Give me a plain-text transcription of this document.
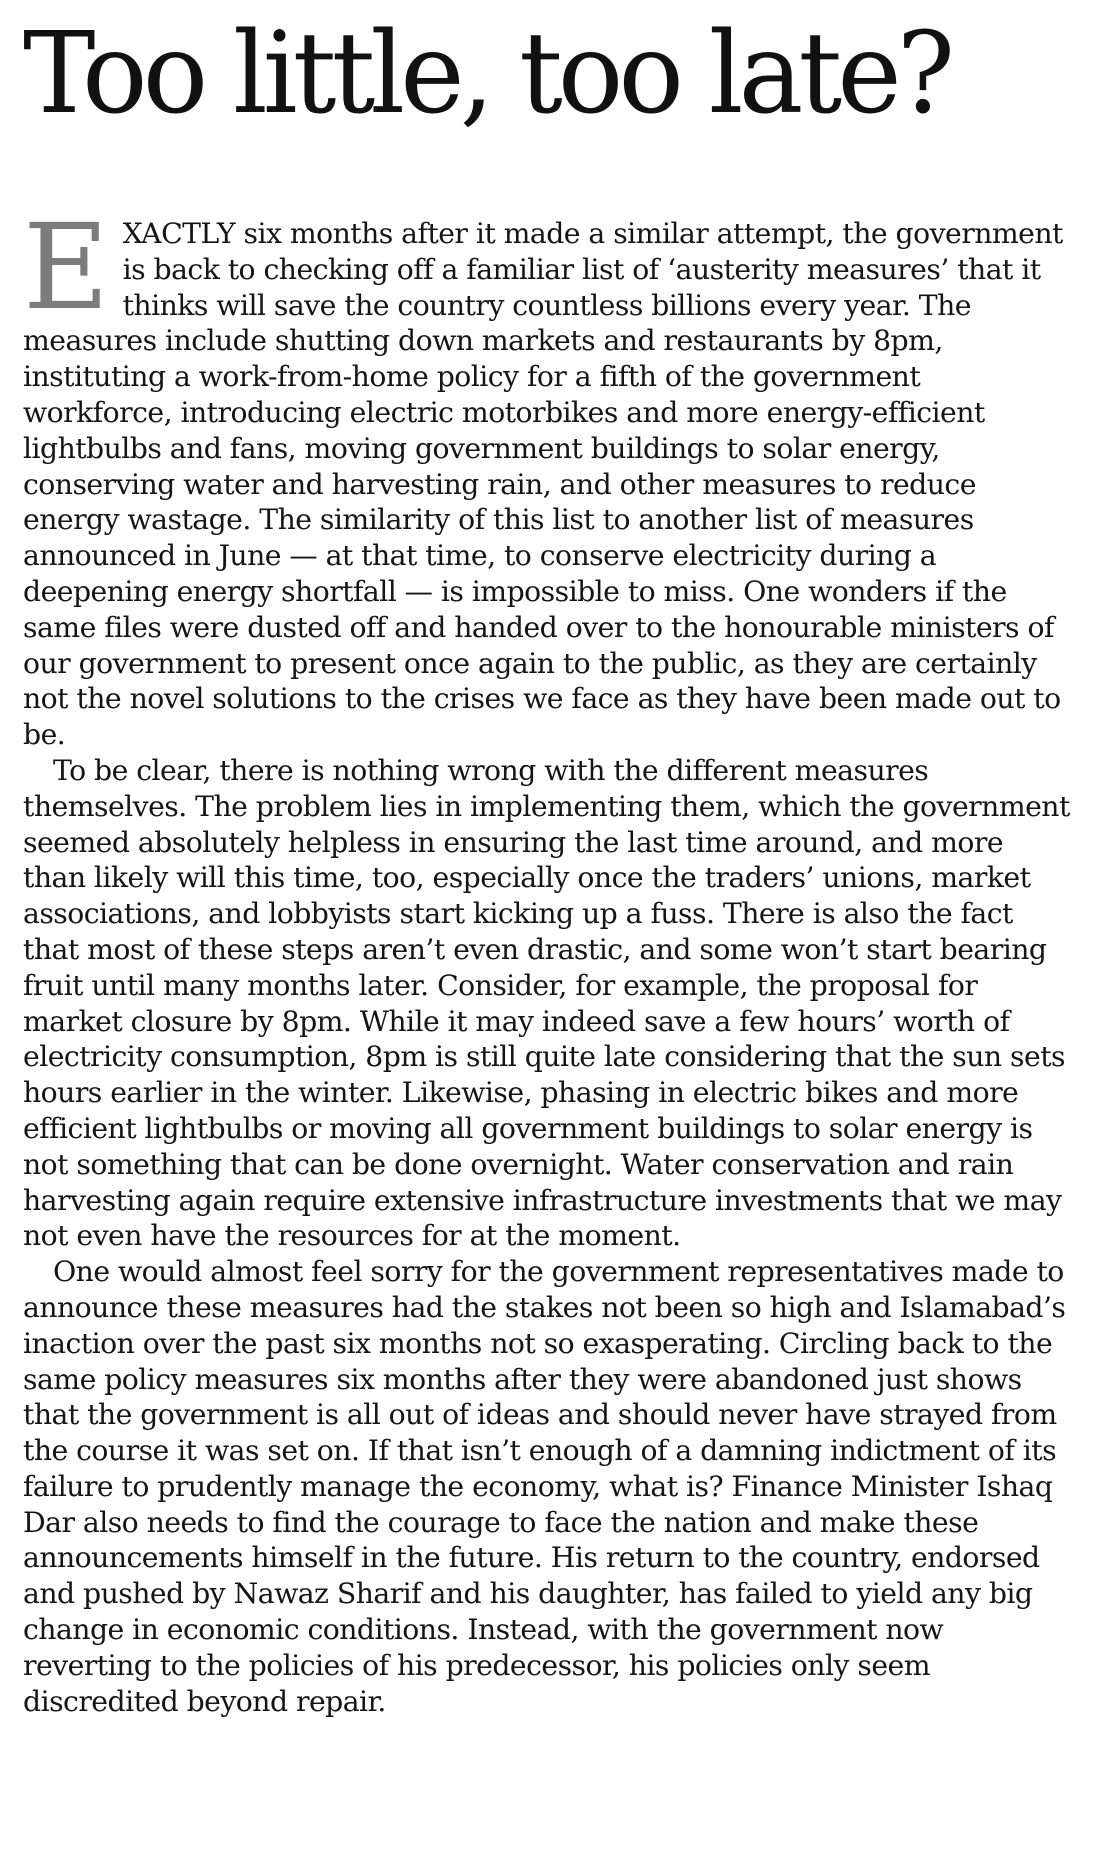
Too little, too late?

EXACTLY six months after it made a similar attempt, the government is back to checking off a familiar list of ‘austerity measures’ that it thinks will save the country countless billions every year. The measures include shutting down markets and restaurants by 8pm, instituting a work-from-home policy for a fifth of the government workforce, introducing electric motorbikes and more energy-efficient lightbulbs and fans, moving government buildings to solar energy, conserving water and harvesting rain, and other measures to reduce energy wastage. The similarity of this list to another list of measures announced in June — at that time, to conserve electricity during a deepening energy shortfall — is impossible to miss. One wonders if the same files were dusted off and handed over to the honourable ministers of our government to present once again to the public, as they are certainly not the novel solutions to the crises we face as they have been made out to be.

To be clear, there is nothing wrong with the different measures themselves. The problem lies in implementing them, which the government seemed absolutely helpless in ensuring the last time around, and more than likely will this time, too, especially once the traders’ unions, market associations, and lobbyists start kicking up a fuss. There is also the fact that most of these steps aren’t even drastic, and some won’t start bearing fruit until many months later. Consider, for example, the proposal for market closure by 8pm. While it may indeed save a few hours’ worth of electricity consumption, 8pm is still quite late considering that the sun sets hours earlier in the winter. Likewise, phasing in electric bikes and more efficient lightbulbs or moving all government buildings to solar energy is not something that can be done overnight. Water conservation and rain harvesting again require extensive infrastructure investments that we may not even have the resources for at the moment.

One would almost feel sorry for the government representatives made to announce these measures had the stakes not been so high and Islamabad’s inaction over the past six months not so exasperating. Circling back to the same policy measures six months after they were abandoned just shows that the government is all out of ideas and should never have strayed from the course it was set on. If that isn’t enough of a damning indictment of its failure to prudently manage the economy, what is? Finance Minister Ishaq Dar also needs to find the courage to face the nation and make these announcements himself in the future. His return to the country, endorsed and pushed by Nawaz Sharif and his daughter, has failed to yield any big change in economic conditions. Instead, with the government now reverting to the policies of his predecessor, his policies only seem discredited beyond repair.
